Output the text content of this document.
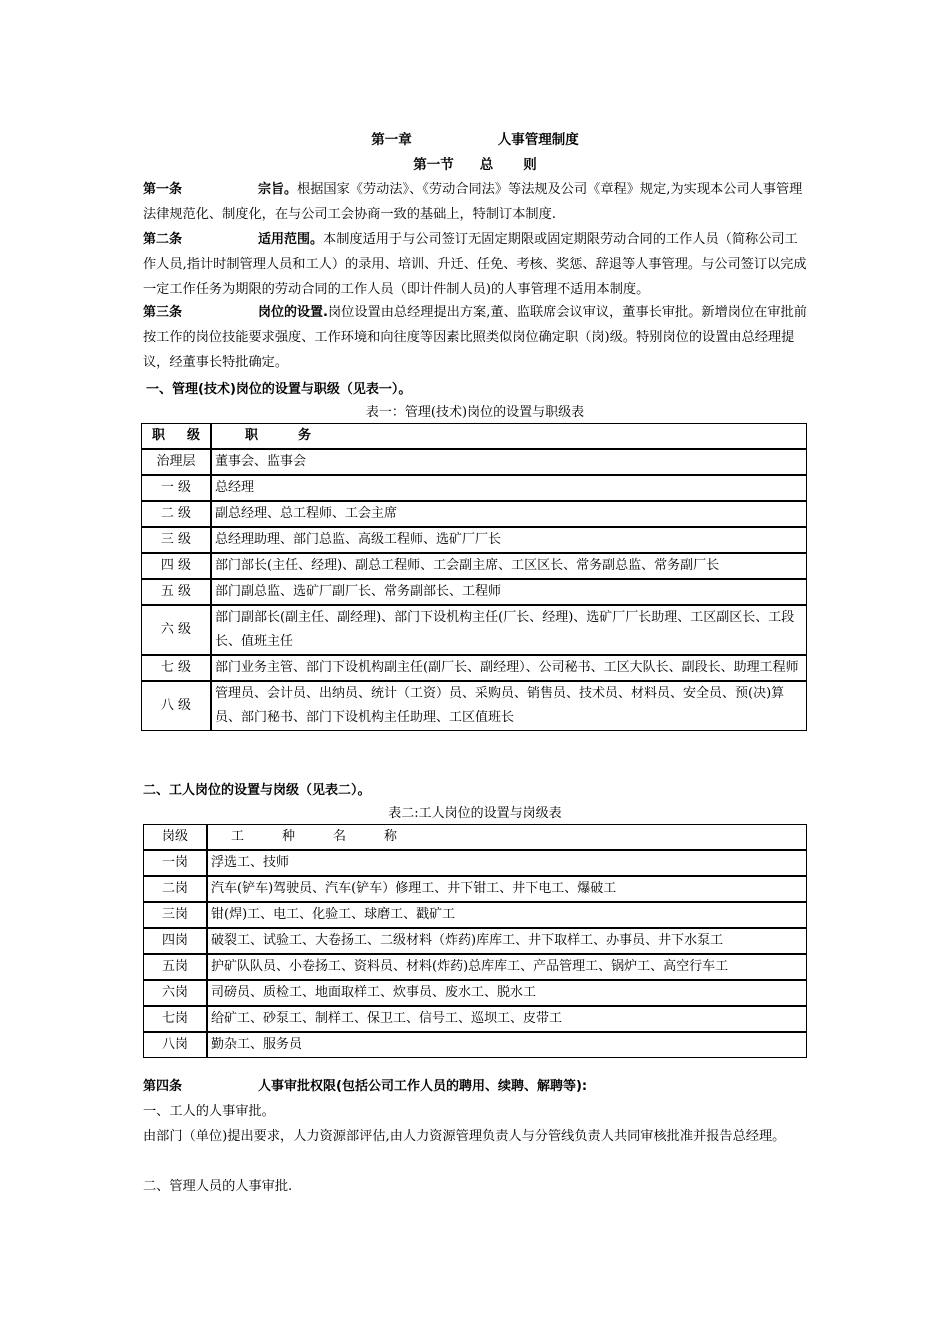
第一章	人事管理制度
第一节 总 则
第一条	宗旨。根据国家《劳动法》、《劳动合同法》等法规及公司《章程》规定,为实现本公司人事管理法律规范化、制度化，在与公司工会协商一致的基础上，特制订本制度.
第二条	适用范围。本制度适用于与公司签订无固定期限或固定期限劳动合同的工作人员（简称公司工作人员,指计时制管理人员和工人）的录用、培训、升迁、任免、考核、奖惩、辞退等人事管理。与公司签订以完成一定工作任务为期限的劳动合同的工作人员（即计件制人员)的人事管理不适用本制度。
第三条	岗位的设置.岗位设置由总经理提出方案,董、监联席会议审议，董事长审批。新增岗位在审批前按工作的岗位技能要求强度、工作环境和向往度等因素比照类似岗位确定职（岗)级。特别岗位的设置由总经理提议，经董事长特批确定。
一、管理(技术)岗位的设置与职级（见表一）。
表一：管理(技术)岗位的设置与职级表
职 级	职 务
治理层	董事会、监事会
一 级	总经理
二 级	副总经理、总工程师、工会主席
三 级	总经理助理、部门总监、高级工程师、选矿厂厂长
四 级	部门部长(主任、经理)、副总工程师、工会副主席、工区区长、常务副总监、常务副厂长
五 级	部门副总监、选矿厂副厂长、常务副部长、工程师
六 级	部门副部长(副主任、副经理)、部门下设机构主任(厂长、经理)、选矿厂厂长助理、工区副区长、工段长、值班主任
七 级	部门业务主管、部门下设机构副主任(副厂长、副经理）、公司秘书、工区大队长、副段长、助理工程师
八 级	管理员、会计员、出纳员、统计（工资）员、采购员、销售员、技术员、材料员、安全员、预(决)算员、部门秘书、部门下设机构主任助理、工区值班长
二、工人岗位的设置与岗级（见表二）。
表二:工人岗位的设置与岗级表
岗级	工 种 名 称
一岗	浮选工、技师
二岗	汽车(铲车)驾驶员、汽车(铲车）修理工、井下钳工、井下电工、爆破工
三岗	钳(焊)工、电工、化验工、球磨工、戳矿工
四岗	破裂工、试验工、大卷扬工、二级材料（炸药)库库工、井下取样工、办事员、井下水泵工
五岗	护矿队队员、小卷扬工、资料员、材料(炸药)总库库工、产品管理工、锅炉工、高空行车工
六岗	司磅员、质检工、地面取样工、炊事员、废水工、脱水工
七岗	给矿工、砂泵工、制样工、保卫工、信号工、巡坝工、皮带工
八岗	勤杂工、服务员
第四条	人事审批权限(包括公司工作人员的聘用、续聘、解聘等):
一、工人的人事审批。
由部门（单位)提出要求，人力资源部评估,由人力资源管理负责人与分管线负责人共同审核批准并报告总经理。
二、管理人员的人事审批.
